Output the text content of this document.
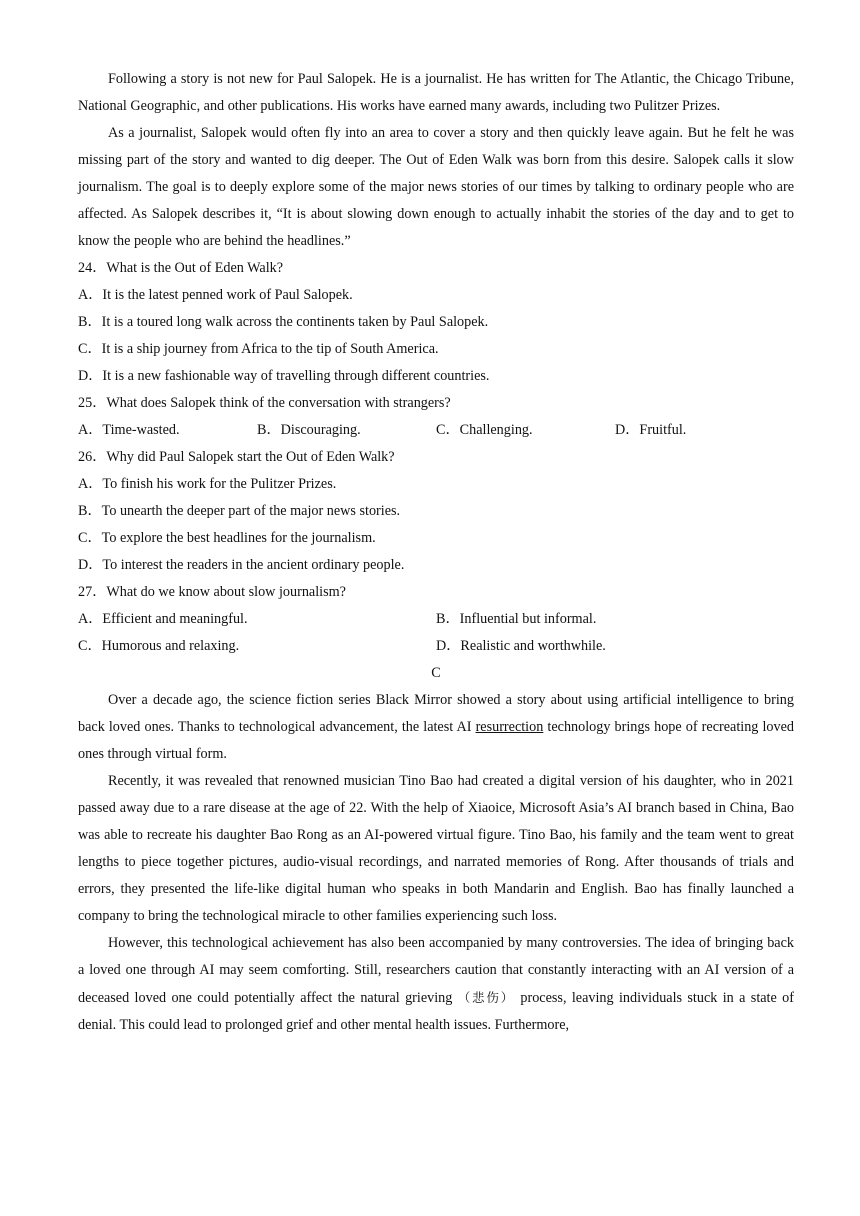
Following a story is not new for Paul Salopek. He is a journalist. He has written for The Atlantic, the Chicago Tribune, National Geographic, and other publications. His works have earned many awards, including two Pulitzer Prizes.

As a journalist, Salopek would often fly into an area to cover a story and then quickly leave again. But he felt he was missing part of the story and wanted to dig deeper. The Out of Eden Walk was born from this desire. Salopek calls it slow journalism. The goal is to deeply explore some of the major news stories of our times by talking to ordinary people who are affected. As Salopek describes it, “It is about slowing down enough to actually inhabit the stories of the day and to get to know the people who are behind the headlines.”

24．What is the Out of Eden Walk?
A．It is the latest penned work of Paul Salopek.
B．It is a toured long walk across the continents taken by Paul Salopek.
C．It is a ship journey from Africa to the tip of South America.
D．It is a new fashionable way of travelling through different countries.
25．What does Salopek think of the conversation with strangers?
A．Time-wasted.	B．Discouraging.	C．Challenging.	D．Fruitful.
26．Why did Paul Salopek start the Out of Eden Walk?
A．To finish his work for the Pulitzer Prizes.
B．To unearth the deeper part of the major news stories.
C．To explore the best headlines for the journalism.
D．To interest the readers in the ancient ordinary people.
27．What do we know about slow journalism?
A．Efficient and meaningful.	B．Influential but informal.
C．Humorous and relaxing.	D．Realistic and worthwhile.
C

Over a decade ago, the science fiction series Black Mirror showed a story about using artificial intelligence to bring back loved ones. Thanks to technological advancement, the latest AI resurrection technology brings hope of recreating loved ones through virtual form.

Recently, it was revealed that renowned musician Tino Bao had created a digital version of his daughter, who in 2021 passed away due to a rare disease at the age of 22. With the help of Xiaoice, Microsoft Asia’s AI branch based in China, Bao was able to recreate his daughter Bao Rong as an AI-powered virtual figure. Tino Bao, his family and the team went to great lengths to piece together pictures, audio-visual recordings, and narrated memories of Rong. After thousands of trials and errors, they presented the life-like digital human who speaks in both Mandarin and English. Bao has finally launched a company to bring the technological miracle to other families experiencing such loss.

However, this technological achievement has also been accompanied by many controversies. The idea of bringing back a loved one through AI may seem comforting. Still, researchers caution that constantly interacting with an AI version of a deceased loved one could potentially affect the natural grieving （悲伤） process, leaving individuals stuck in a state of denial. This could lead to prolonged grief and other mental health issues. Furthermore,
